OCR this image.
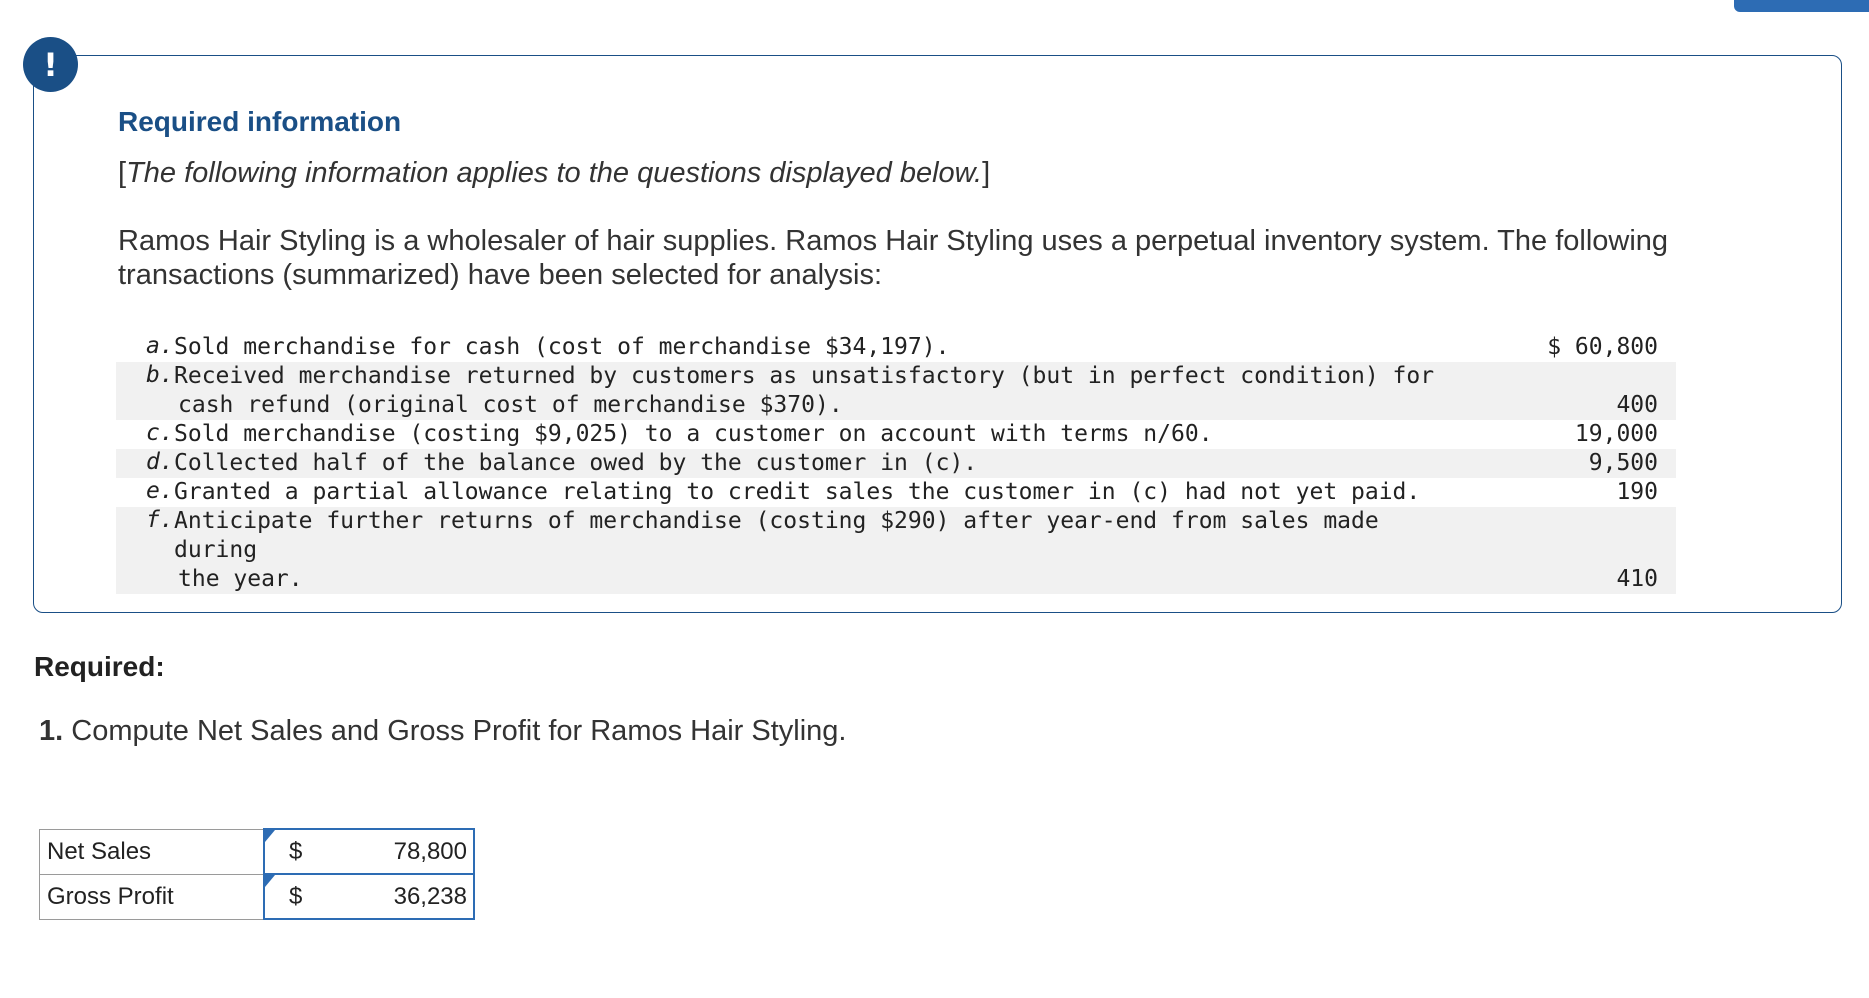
!
Required information

[The following information applies to the questions displayed below.]

Ramos Hair Styling is a wholesaler of hair supplies. Ramos Hair Styling uses a perpetual inventory system. The following transactions (summarized) have been selected for analysis:

a. Sold merchandise for cash (cost of merchandise $34,197).	$ 60,800
b. Received merchandise returned by customers as unsatisfactory (but in perfect condition) for
cash refund (original cost of merchandise $370).	400
c. Sold merchandise (costing $9,025) to a customer on account with terms n/60.	19,000
d. Collected half of the balance owed by the customer in (c).	9,500
e. Granted a partial allowance relating to credit sales the customer in (c) had not yet paid.	190
f. Anticipate further returns of merchandise (costing $290) after year-end from sales made during
the year.	410
Required:

1. Compute Net Sales and Gross Profit for Ramos Hair Styling.

Net Sales	$ 78,800

Gross Profit	$ 36,238
